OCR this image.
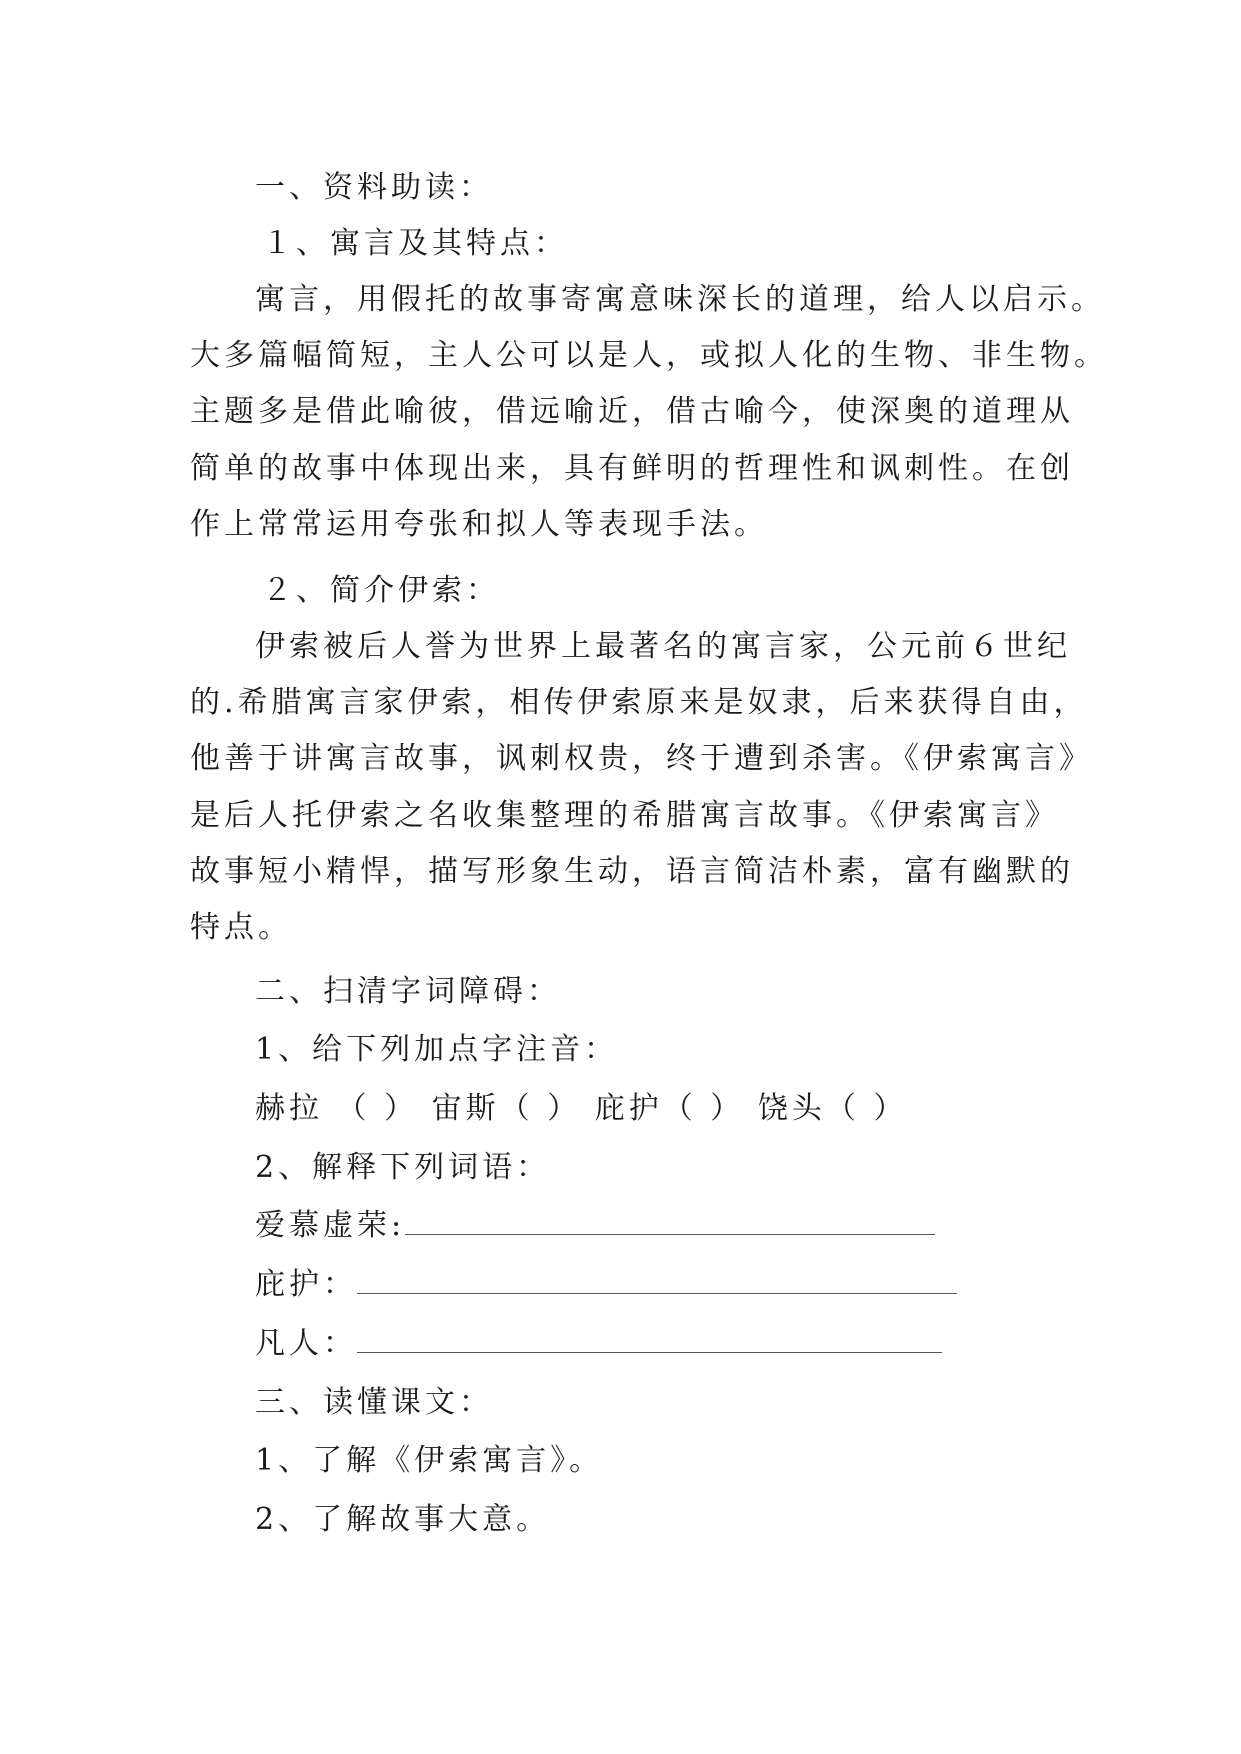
一、资料助读：
１、寓言及其特点：
寓言，用假托的故事寄寓意味深长的道理，给人以启示。
大多篇幅简短，主人公可以是人，或拟人化的生物、非生物。
主题多是借此喻彼，借远喻近，借古喻今，使深奥的道理从
简单的故事中体现出来，具有鲜明的哲理性和讽刺性。在创
作上常常运用夸张和拟人等表现手法。
２、简介伊索：
伊索被后人誉为世界上最著名的寓言家，公元前６世纪
的.希腊寓言家伊索，相传伊索原来是奴隶，后来获得自由，
他善于讲寓言故事，讽刺权贵，终于遭到杀害。《伊索寓言》
是后人托伊索之名收集整理的希腊寓言故事。《伊索寓言》
故事短小精悍，描写形象生动，语言简洁朴素，富有幽默的
特点。
二、扫清字词障碍：
1、给下列加点字注音：
赫拉 （ ） 宙斯（ ） 庇护（ ） 饶头（ ）
2、解释下列词语：
爱慕虚荣:
庇护：
凡人：
三、读懂课文：
1、了解《伊索寓言》。
2、了解故事大意。
